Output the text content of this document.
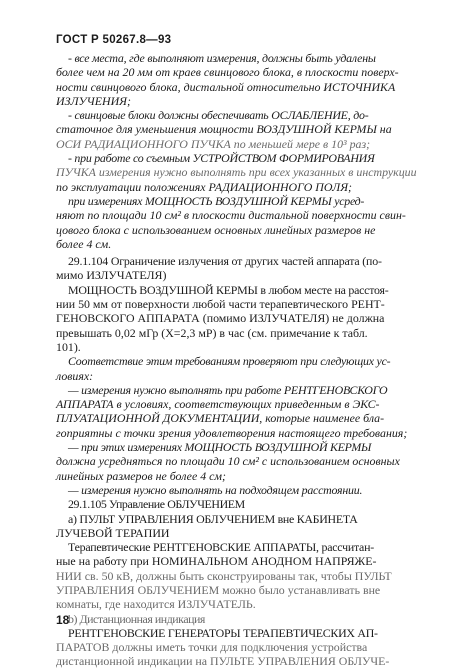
ГОСТ Р 50267.8—93
- все места, где выполняют измерения, должны быть удалены
более чем на 20 мм от краев свинцового блока, в плоскости поверх-
ности свинцового блока, дистальной относительно ИСТОЧНИКА
ИЗЛУЧЕНИЯ;
- свинцовые блоки должны обеспечивать ОСЛАБЛЕНИЕ, до-
статочное для уменьшения мощности ВОЗДУШНОЙ КЕРМЫ на
ОСИ РАДИАЦИОННОГО ПУЧКА по меньшей мере в 10³ раз;
- при работе со съемным УСТРОЙСТВОМ ФОРМИРОВАНИЯ
ПУЧКА измерения нужно выполнять при всех указанных в инструкции
по эксплуатации положениях РАДИАЦИОННОГО ПОЛЯ;
при измерениях МОЩНОСТЬ ВОЗДУШНОЙ КЕРМЫ усред-
няют по площади 10 см² в плоскости дистальной поверхности свин-
цового блока с использованием основных линейных размеров не
более 4 см.
29.1.104 Ограничение излучения от других частей аппарата (по-
мимо ИЗЛУЧАТЕЛЯ)
МОЩНОСТЬ ВОЗДУШНОЙ КЕРМЫ в любом месте на расстоя-
нии 50 мм от поверхности любой части терапевтического РЕНТ-
ГЕНОВСКОГО АППАРАТА (помимо ИЗЛУЧАТЕЛЯ) не должна
превышать 0,02 мГр (Х=2,3 мР) в час (см. примечание к табл.
101).
Соответствие этим требованиям проверяют при следующих ус-
ловиях:
— измерения нужно выполнять при работе РЕНТГЕНОВСКОГО
АППАРАТА в условиях, соответствующих приведенным в ЭКС-
ПЛУАТАЦИОННОЙ ДОКУМЕНТАЦИИ, которые наименее бла-
гоприятны с точки зрения удовлетворения настоящего требования;
— при этих измерениях МОЩНОСТЬ ВОЗДУШНОЙ КЕРМЫ
должна усредняться по площади 10 см² с использованием основных
линейных размеров не более 4 см;
— измерения нужно выполнять на подходящем расстоянии.
29.1.105 Управление ОБЛУЧЕНИЕМ
а) ПУЛЬТ УПРАВЛЕНИЯ ОБЛУЧЕНИЕМ вне КАБИНЕТА
ЛУЧЕВОЙ ТЕРАПИИ
Терапевтические РЕНТГЕНОВСКИЕ АППАРАТЫ, рассчитан-
ные на работу при НОМИНАЛЬНОМ АНОДНОМ НАПРЯЖЕ-
НИИ св. 50 кВ, должны быть сконструированы так, чтобы ПУЛЬТ
УПРАВЛЕНИЯ ОБЛУЧЕНИЕМ можно было устанавливать вне
комнаты, где находится ИЗЛУЧАТЕЛЬ.
b) Дистанционная индикация
РЕНТГЕНОВСКИЕ ГЕНЕРАТОРЫ ТЕРАПЕВТИЧЕСКИХ АП-
ПАРАТОВ должны иметь точки для подключения устройства
дистанционной индикации на ПУЛЬТЕ УПРАВЛЕНИЯ ОБЛУЧЕ-
18
